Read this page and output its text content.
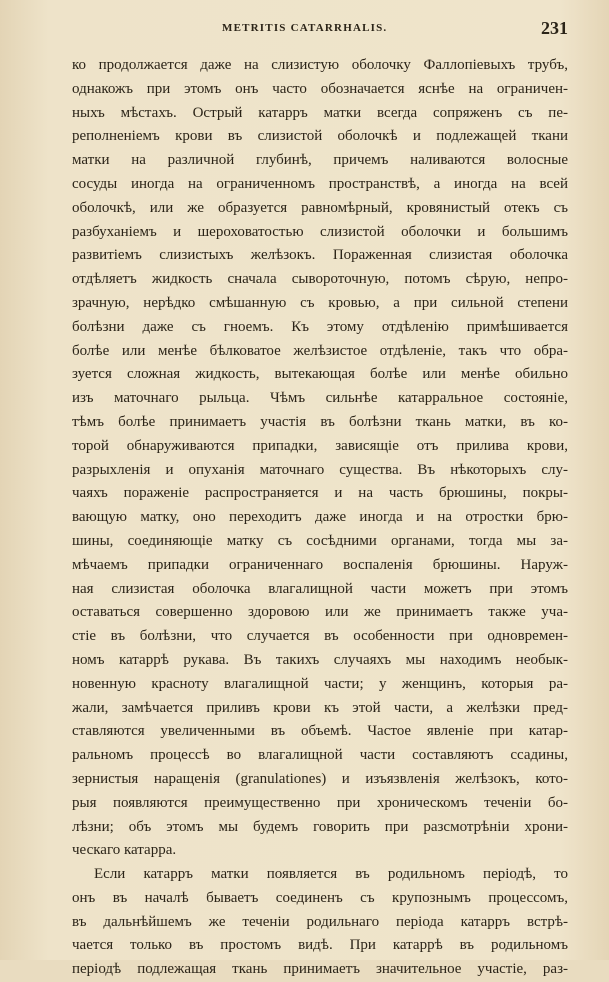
METRITIS CATARRHALIS.	231
ко продолжается даже на слизистую оболочку Фаллопіевыхъ трубъ,
однакожъ при этомъ онъ часто обозначается яснѣе на ограничен-
ныхъ мѣстахъ. Острый катарръ матки всегда сопряженъ съ пе-
реполненіемъ крови въ слизистой оболочкѣ и подлежащей ткани
матки на различной глубинѣ, причемъ наливаются волосные
сосуды иногда на ограниченномъ пространствѣ, а иногда на всей
оболочкѣ, или же образуется равномѣрный, кровянистый отекъ съ
разбуханіемъ и шероховатостью слизистой оболочки и большимъ
развитіемъ слизистыхъ желѣзокъ. Пораженная слизистая оболочка
отдѣляетъ жидкость сначала сывороточную, потомъ сѣрую, непро-
зрачную, нерѣдко смѣшанную съ кровью, а при сильной степени
болѣзни даже съ гноемъ. Къ этому отдѣленію примѣшивается
болѣе или менѣе бѣлковатое желѣзистое отдѣленіе, такъ что обра-
зуется сложная жидкость, вытекающая болѣе или менѣе обильно
изъ маточнаго рыльца. Чѣмъ сильнѣе катарральное состояніе,
тѣмъ болѣе принимаетъ участія въ болѣзни ткань матки, въ ко-
торой обнаруживаются припадки, зависящіе отъ прилива крови,
разрыхленія и опуханія маточнаго существа. Въ нѣкоторыхъ слу-
чаяхъ пораженіе распространяется и на часть брюшины, покры-
вающую матку, оно переходитъ даже иногда и на отростки брю-
шины, соединяющіе матку съ сосѣдними органами, тогда мы за-
мѣчаемъ припадки ограниченнаго воспаленія брюшины. Наруж-
ная слизистая оболочка влагалищной части можетъ при этомъ
оставаться совершенно здоровою или же принимаетъ также уча-
стіе въ болѣзни, что случается въ особенности при одновремен-
номъ катаррѣ рукава. Въ такихъ случаяхъ мы находимъ необык-
новенную красноту влагалищной части; у женщинъ, которыя ра-
жали, замѣчается приливъ крови къ этой части, а желѣзки пред-
ставляются увеличенными въ объемѣ. Частое явленіе при катар-
ральномъ процессѣ во влагалищной части составляютъ ссадины,
зернистыя наращенія (granulationes) и изъязвленія желѣзокъ, кото-
рыя появляются преимущественно при хроническомъ теченіи бо-
лѣзни; объ этомъ мы будемъ говорить при разсмотрѣніи хрони-
ческаго катарра.
Если катарръ матки появляется въ родильномъ періодѣ, то
онъ въ началѣ бываетъ соединенъ съ крупознымъ процессомъ,
въ дальнѣйшемъ же теченіи родильнаго періода катарръ встрѣ-
чается только въ простомъ видѣ. При катаррѣ въ родильномъ
періодѣ подлежащая ткань принимаетъ значительное участіе, раз-
